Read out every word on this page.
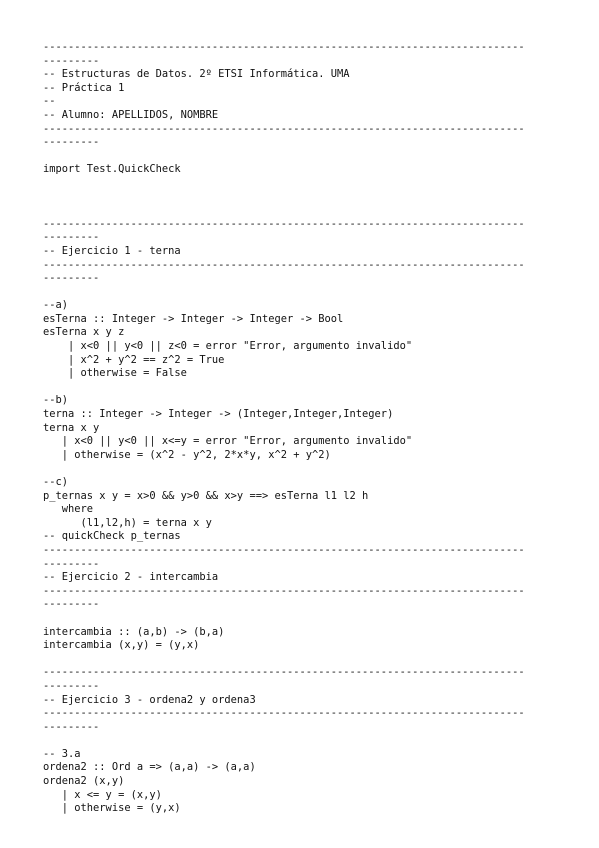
-----------------------------------------------------------------------------
---------
-- Estructuras de Datos. 2º ETSI Informática. UMA
-- Práctica 1
--
-- Alumno: APELLIDOS, NOMBRE
-----------------------------------------------------------------------------
---------
import Test.QuickCheck
-----------------------------------------------------------------------------
---------
-- Ejercicio 1 - terna
-----------------------------------------------------------------------------
---------
--a)
esTerna :: Integer -> Integer -> Integer -> Bool
esTerna x y z
| x<0 || y<0 || z<0 = error "Error, argumento invalido"
| x^2 + y^2 == z^2 = True
| otherwise = False
--b)
terna :: Integer -> Integer -> (Integer,Integer,Integer)
terna x y
| x<0 || y<0 || x<=y = error "Error, argumento invalido"
| otherwise = (x^2 - y^2, 2*x*y, x^2 + y^2)
--c)
p_ternas x y = x>0 && y>0 && x>y ==> esTerna l1 l2 h
where
(l1,l2,h) = terna x y
-- quickCheck p_ternas
-----------------------------------------------------------------------------
---------
-- Ejercicio 2 - intercambia
-----------------------------------------------------------------------------
---------
intercambia :: (a,b) -> (b,a)
intercambia (x,y) = (y,x)
-----------------------------------------------------------------------------
---------
-- Ejercicio 3 - ordena2 y ordena3
-----------------------------------------------------------------------------
---------
-- 3.a
ordena2 :: Ord a => (a,a) -> (a,a)
ordena2 (x,y)
| x <= y = (x,y)
| otherwise = (y,x)
